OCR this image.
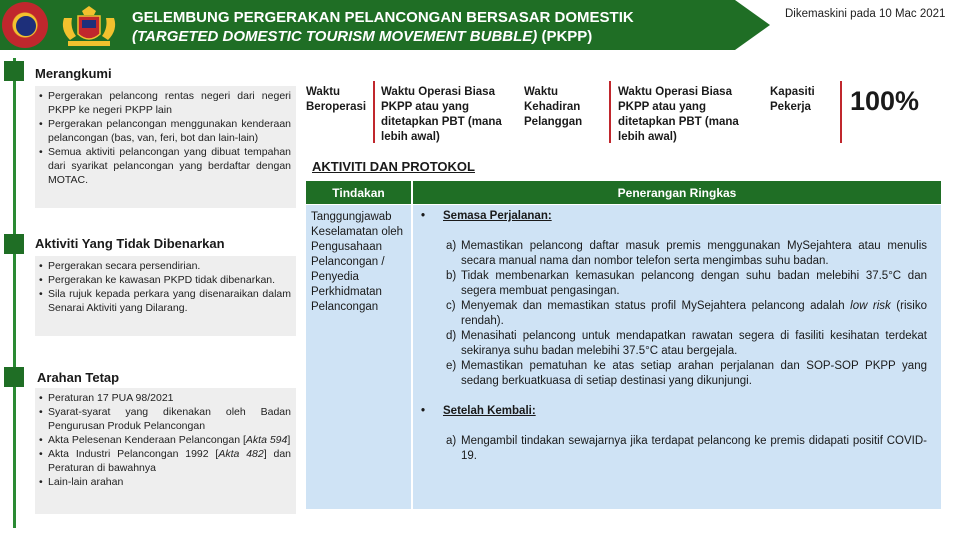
GELEMBUNG PERGERAKAN PELANCONGAN BERSASAR DOMESTIK
(TARGETED DOMESTIC TOURISM MOVEMENT BUBBLE) (PKPP)
Dikemaskini pada 10 Mac 2021
Merangkumi
• Pergerakan pelancong rentas negeri dari negeri PKPP ke negeri PKPP lain
• Pergerakan pelancongan menggunakan kenderaan pelancongan (bas, van, feri, bot dan lain-lain)
• Semua aktiviti pelancongan yang dibuat tempahan dari syarikat pelancongan yang berdaftar dengan MOTAC.
Aktiviti Yang Tidak Dibenarkan
• Pergerakan secara persendirian.
• Pergerakan ke kawasan PKPD tidak dibenarkan.
• Sila rujuk kepada perkara yang disenaraikan dalam Senarai Aktiviti yang Dilarang.
Arahan Tetap
• Peraturan 17 PUA 98/2021
• Syarat-syarat yang dikenakan oleh Badan Pengurusan Produk Pelancongan
• Akta Pelesenan Kenderaan Pelancongan [Akta 594]
• Akta Industri Pelancongan 1992 [Akta 482] dan Peraturan di bawahnya
• Lain-lain arahan
Waktu Beroperasi
Waktu Operasi Biasa PKPP atau yang ditetapkan PBT (mana lebih awal)
Waktu Kehadiran Pelanggan
Waktu Operasi Biasa PKPP atau yang ditetapkan PBT (mana lebih awal)
Kapasiti Pekerja	100%
AKTIVITI DAN PROTOKOL
Tindakan	Penerangan Ringkas
Tanggungjawab Keselamatan oleh Pengusahaan Pelancongan / Penyedia Perkhidmatan Pelancongan
• Semasa Perjalanan:
a) Memastikan pelancong daftar masuk premis menggunakan MySejahtera atau menulis secara manual nama dan nombor telefon serta mengimbas suhu badan.
b) Tidak membenarkan kemasukan pelancong dengan suhu badan melebihi 37.5°C dan segera membuat pengasingan.
c) Menyemak dan memastikan status profil MySejahtera pelancong adalah low risk (risiko rendah).
d) Menasihati pelancong untuk mendapatkan rawatan segera di fasiliti kesihatan terdekat sekiranya suhu badan melebihi 37.5°C atau bergejala.
e) Memastikan pematuhan ke atas setiap arahan perjalanan dan SOP-SOP PKPP yang sedang berkuatkuasa di setiap destinasi yang dikunjungi.
• Setelah Kembali:
a) Mengambil tindakan sewajarnya jika terdapat pelancong ke premis didapati positif COVID-19.
